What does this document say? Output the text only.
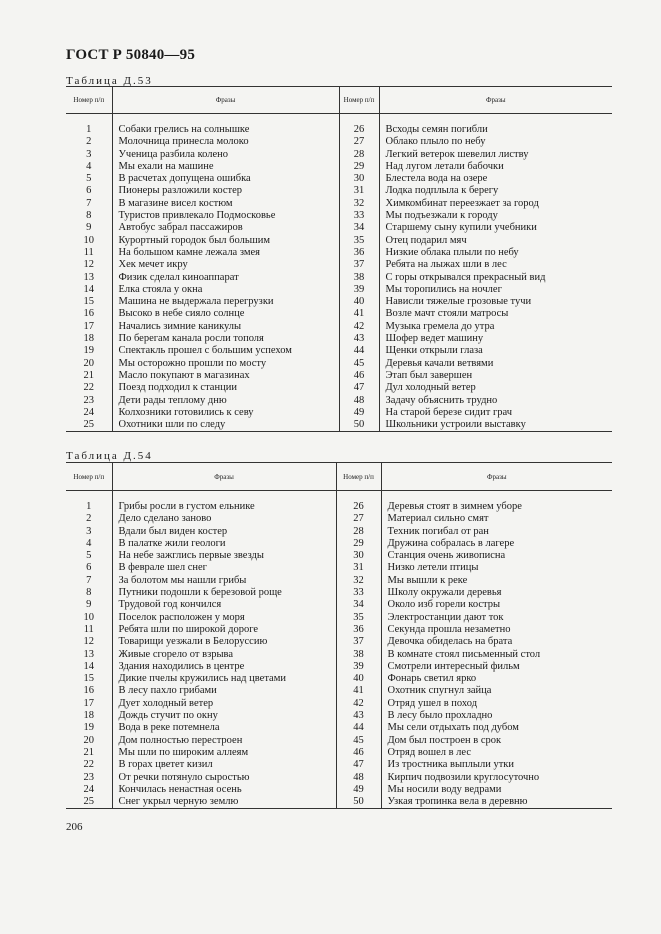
ГОСТ Р 50840—95
Таблица Д.53
Номер п/п	Фразы	Номер п/п	Фразы

1	Собаки грелись на солнышке	26	Всходы семян погибли
2	Молочница принесла молоко	27	Облако плыло по небу
3	Ученица разбила колено	28	Легкий ветерок шевелил листву
4	Мы ехали на машине	29	Над лугом летали бабочки
5	В расчетах допущена ошибка	30	Блестела вода на озере
6	Пионеры разложили костер	31	Лодка подплыла к берегу
7	В магазине висел костюм	32	Химкомбинат переезжает за город
8	Туристов привлекало Подмосковье	33	Мы подъезжали к городу
9	Автобус забрал пассажиров	34	Старшему сыну купили учебники
10	Курортный городок был большим	35	Отец подарил мяч
11	На большом камне лежала змея	36	Низкие облака плыли по небу
12	Хек мечет икру	37	Ребята на лыжах шли в лес
13	Физик сделал киноаппарат	38	С горы открывался прекрасный вид
14	Елка стояла у окна	39	Мы торопились на ночлег
15	Машина не выдержала перегрузки	40	Нависли тяжелые грозовые тучи
16	Высоко в небе сияло солнце	41	Возле мачт стояли матросы
17	Начались зимние каникулы	42	Музыка гремела до утра
18	По берегам канала росли тополя	43	Шофер ведет машину
19	Спектакль прошел с большим успехом	44	Щенки открыли глаза
20	Мы осторожно прошли по мосту	45	Деревья качали ветвями
21	Масло покупают в магазинах	46	Этап был завершен
22	Поезд подходил к станции	47	Дул холодный ветер
23	Дети рады теплому дню	48	Задачу объяснить трудно
24	Колхозники готовились к севу	49	На старой березе сидит грач
25	Охотники шли по следу	50	Школьники устроили выставку
Таблица Д.54
Номер п/п	Фразы	Номер п/п	Фразы

1	Грибы росли в густом ельнике	26	Деревья стоят в зимнем уборе
2	Дело сделано заново	27	Материал сильно смят
3	Вдали был виден костер	28	Техник погибал от ран
4	В палатке жили геологи	29	Дружина собралась в лагере
5	На небе зажглись первые звезды	30	Станция очень живописна
6	В феврале шел снег	31	Низко летели птицы
7	За болотом мы нашли грибы	32	Мы вышли к реке
8	Путники подошли к березовой роще	33	Школу окружали деревья
9	Трудовой год кончился	34	Около изб горели костры
10	Поселок расположен у моря	35	Электростанции дают ток
11	Ребята шли по широкой дороге	36	Секунда прошла незаметно
12	Товарищи уезжали в Белоруссию	37	Девочка обиделась на брата
13	Живые сгорело от взрыва	38	В комнате стоял письменный стол
14	Здания находились в центре	39	Смотрели интересный фильм
15	Дикие пчелы кружились над цветами	40	Фонарь светил ярко
16	В лесу пахло грибами	41	Охотник спугнул зайца
17	Дует холодный ветер	42	Отряд ушел в поход
18	Дождь стучит по окну	43	В лесу было прохладно
19	Вода в реке потемнела	44	Мы сели отдыхать под дубом
20	Дом полностью перестроен	45	Дом был построен в срок
21	Мы шли по широким аллеям	46	Отряд вошел в лес
22	В горах цветет кизил	47	Из тростника выплыли утки
23	От речки потянуло сыростью	48	Кирпич подвозили круглосуточно
24	Кончилась ненастная осень	49	Мы носили воду ведрами
25	Снег укрыл черную землю	50	Узкая тропинка вела в деревню
206
